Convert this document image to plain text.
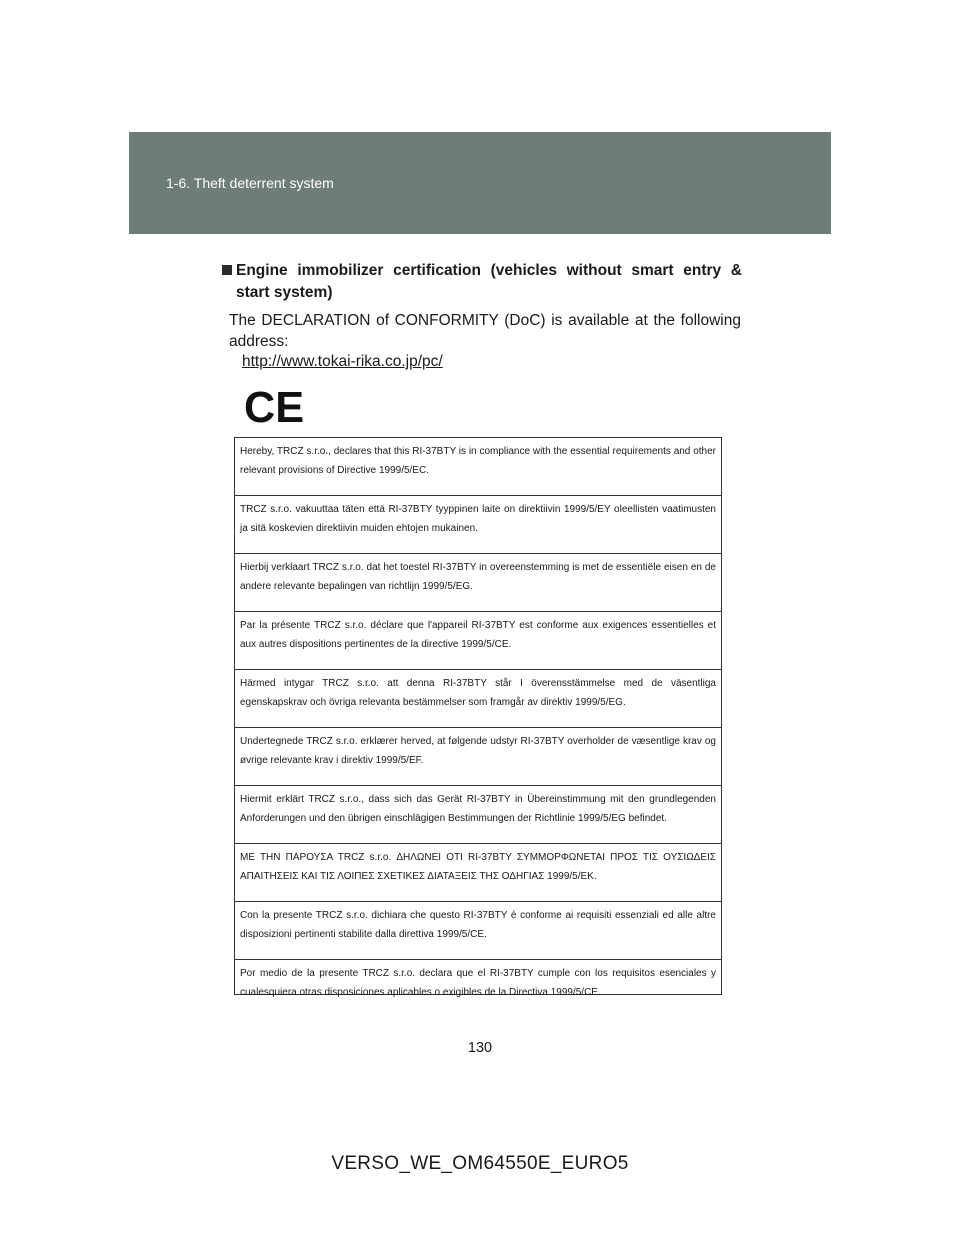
1-6. Theft deterrent system
Engine immobilizer certification (vehicles without smart entry & start system)
The DECLARATION of CONFORMITY (DoC) is available at the following address:
http://www.tokai-rika.co.jp/pc/
CE
Hereby, TRCZ s.r.o., declares that this RI-37BTY is in compliance with the essential requirements and other relevant provisions of Directive 1999/5/EC.
TRCZ s.r.o. vakuuttaa täten että RI-37BTY tyyppinen laite on direktiivin 1999/5/EY oleellisten vaatimusten ja sitä koskevien direktiivin muiden ehtojen mukainen.
Hierbij verklaart TRCZ s.r.o. dat het toestel RI-37BTY in overeenstemming is met de essentiële eisen en de andere relevante bepalingen van richtlijn 1999/5/EG.
Par la présente TRCZ s.r.o. déclare que l'appareil RI-37BTY est conforme aux exigences essentielles et aux autres dispositions pertinentes de la directive 1999/5/CE.
Härmed intygar TRCZ s.r.o. att denna RI-37BTY står I överensstämmelse med de väsentliga egenskapskrav och övriga relevanta bestämmelser som framgår av direktiv 1999/5/EG.
Undertegnede TRCZ s.r.o. erklærer herved, at følgende udstyr RI-37BTY overholder de væsentlige krav og øvrige relevante krav i direktiv 1999/5/EF.
Hiermit erklärt TRCZ s.r.o., dass sich das Gerät RI-37BTY in Übereinstimmung mit den grundlegenden Anforderungen und den übrigen einschlägigen Bestimmungen der Richtlinie 1999/5/EG befindet.
ΜΕ ΤΗΝ ΠΑΡΟΥΣΑ TRCZ s.r.o. ΔΗΛΩΝΕΙ ΟΤΙ RI-37BTY ΣΥΜΜΟΡΦΩΝΕΤΑΙ ΠΡΟΣ ΤΙΣ ΟΥΣΙΩΔΕΙΣ ΑΠΑΙΤΗΣΕΙΣ ΚΑΙ ΤΙΣ ΛΟΙΠΕΣ ΣΧΕΤΙΚΕΣ ΔΙΑΤΑΞΕΙΣ ΤΗΣ ΟΔΗΓΙΑΣ 1999/5/ΕΚ.
Con la presente TRCZ s.r.o. dichiara che questo RI-37BTY è conforme ai requisiti essenziali ed alle altre disposizioni pertinenti stabilite dalla direttiva 1999/5/CE.
Por medio de la presente TRCZ s.r.o. declara que el RI-37BTY cumple con los requisitos esenciales y cualesquiera otras disposiciones aplicables o exigibles de la Directiva 1999/5/CE.
130
VERSO_WE_OM64550E_EURO5
